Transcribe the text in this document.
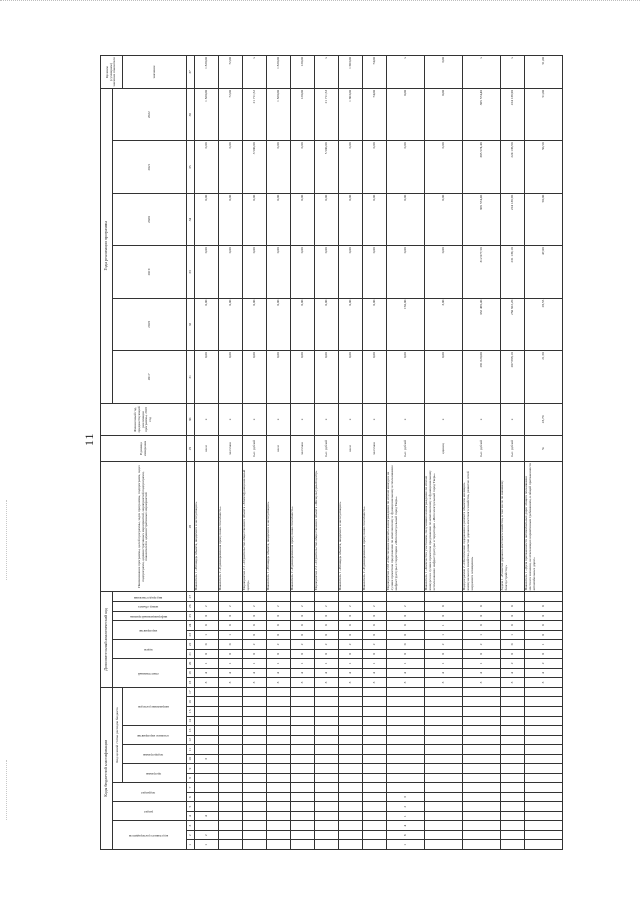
11
Коды бюджетной классификации																	Дополнительный аналитический код										Наименование программы, целей программы, задач программы, подпрограмм, задач подпрограмм, административных мероприятий, мероприятий подпрограмм, показателей и административных мероприятий	Единица измерения	Финансовый год, предшествующий реализации программы, 2016 год	Годы реализации программы						Целевое (суммарное) значение показателя
код главного распорядителя			раздел		подраздел		Код целевой статьи расходов бюджета										ответственный			задача		мероприятие		информационный признак	номер объекта	вид предоставления				2017	2018	2019	2020	2021	2022	
							программа		подпрограмма		основное мероприятие		направление расходов																							значение

1	2	3	4	5	6	7	8	9	10	11	12	13	14	15	16	17	18	19	20	21	22	23	24	25	26	27	28	29	30	31	32	33	34	35	36	37
1	2		4						3								3	4	1	0	0	1	0	0	2		Показатель 1 «Площадь объекта, вводимого в эксплуатацию»	кв.м	x	0,00	0,00	0,00	0,00	0,00	1 820,00	1 820,00
																	3	4	1	0	0	1	0	0	2		Показатель 2 «Единовременная пропускная способность»	чел/смен	x	0,00	0,00	0,00	0,00	0,00	72,00	72,00
																	3	4	1	0	2	0	0	0	2		Мероприятие 2.1 «Строительство общественного объекта «Многофункциональный центр»	тыс. рублей	x	0,00	0,00	0,00	0,00	3 500,00	21 711,52	x
																	3	4	1	0	2	0	0	0	2		Показатель 1 «Площадь объекта, вводимого в эксплуатацию»	кв.м	x	0,00	0,00	0,00	0,00	0,00	1 820,00	1 820,00
																	3	4	1	0	2	0	0	0	2		Показатель 2 «Единовременная пропускная способность»	чел/смен	x	0,00	0,00	0,00	0,00	0,00	120,00	120,00
																	3	4	1	0	2	0	0	0	2		Мероприятие 2.2 «Строительство общественного объекта «Физкультурный центр»	тыс. рублей	x	0,00	0,00	0,00	0,00	5 500,00	21 711,53	x
																	3	4	1	0	2	0	0	0	2		Показатель 1 «Площадь объекта, вводимого в эксплуатацию»	кв.м	x	0,00	0,00	0,00	0,00	0,00	1 663,00	1 663,00
																	3	4	1	0	2	0	0	0	2		Показатель 2 «Единовременная пропускная способность»	чел/смен	x	0,00	0,00	0,00	0,00	0,00	74,00	74,00
1	6	4	1	2	3												3	4	1	0	0	0	0	0	2		Мероприятие 2.03 «Обеспечение выплаты вознаграждения по итогам конкурса на лучшее проектное предложение по комплексному и функциональному использованию инфраструктуры и территории «Интеллектуальный город Тверь»	тыс. рублей	x	0,00	150,00	0,00	0,00	0,00	0,00	x
																	3	4	1	0	2	1	1	0	0		Показатель 1 «Количество участников, получивших вознаграждение по итогам конкурса на лучшее проектное предложение по комплексному и функциональному использованию инфраструктуры и территории «Интеллектуальный город Тверь»	единиц	x	0,00	3,00	0,00	0,00	0,00	0,00	3,00
																	3	4	1	0	2	1	0	0	0		Подпрограмма 2 «Обеспечение содержания и ремонта объектов жилищно-коммунального хозяйства, развитие дорожно-мостового хозяйства, развитие сетей наружного освещения»	тыс. рублей	x	281 620,00	332 465,40	312 077,50	305 574,40	305 574,40	305 574,40	x
																	3	4	2	0	0	1	0	0	0		Задача 1 «Развитие дорожно-мостового хозяйства, в том числе по внешнему благоустройству»	тыс. рублей	x	207 698,10	250 822,20	231 139,10	224 136,90	224 136,90	224 136,90	x
																	3	4	2	0	1	0	0	0	0		Показатель 1 «Доля протяженности автомобильных дорог общего пользования местного значения, не отвечающих нормативным требованиям, в общей протяженности автомобильных дорог»	%	23,70	21,50	28,55	47,00	50,00	50,50	51,00	51,00
